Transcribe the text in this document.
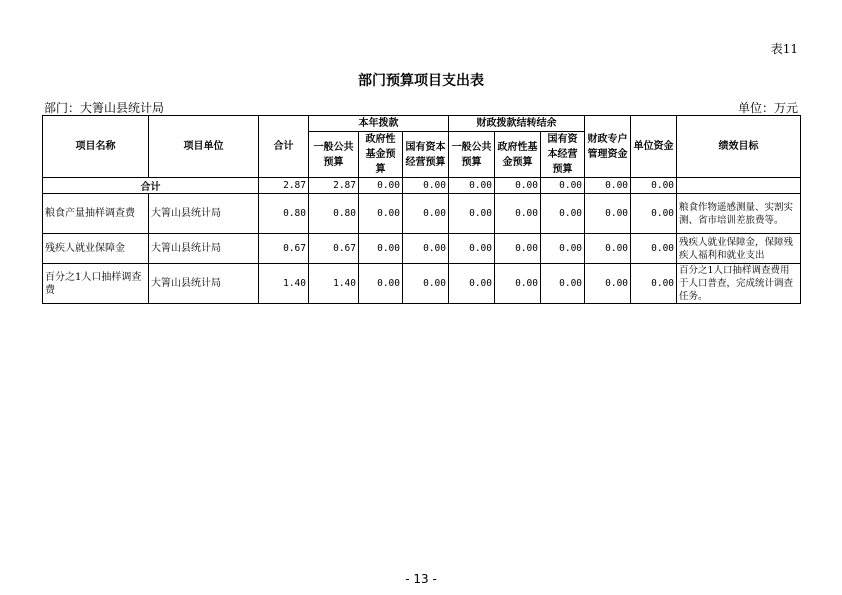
表11
部门预算项目支出表
部门：大箐山县统计局	单位：万元
项目名称	项目单位	合计	本年拨款			财政拨款结转结余			财政专户管理资金	单位资金	绩效目标
			一般公共预算	政府性基金预算	国有资本经营预算	一般公共预算	政府性基金预算	国有资本经营预算			

合计		2.87	2.87	0.00	0.00	0.00	0.00	0.00	0.00	0.00	
粮食产量抽样调查费	大箐山县统计局	0.80	0.80	0.00	0.00	0.00	0.00	0.00	0.00	0.00	粮食作物遥感测量、实割实测、省市培训差旅费等。
残疾人就业保障金	大箐山县统计局	0.67	0.67	0.00	0.00	0.00	0.00	0.00	0.00	0.00	残疾人就业保障金，保障残疾人福利和就业支出
百分之1人口抽样调查费	大箐山县统计局	1.40	1.40	0.00	0.00	0.00	0.00	0.00	0.00	0.00	百分之1人口抽样调查费用于人口普查，完成统计调查任务。
- 13 -
